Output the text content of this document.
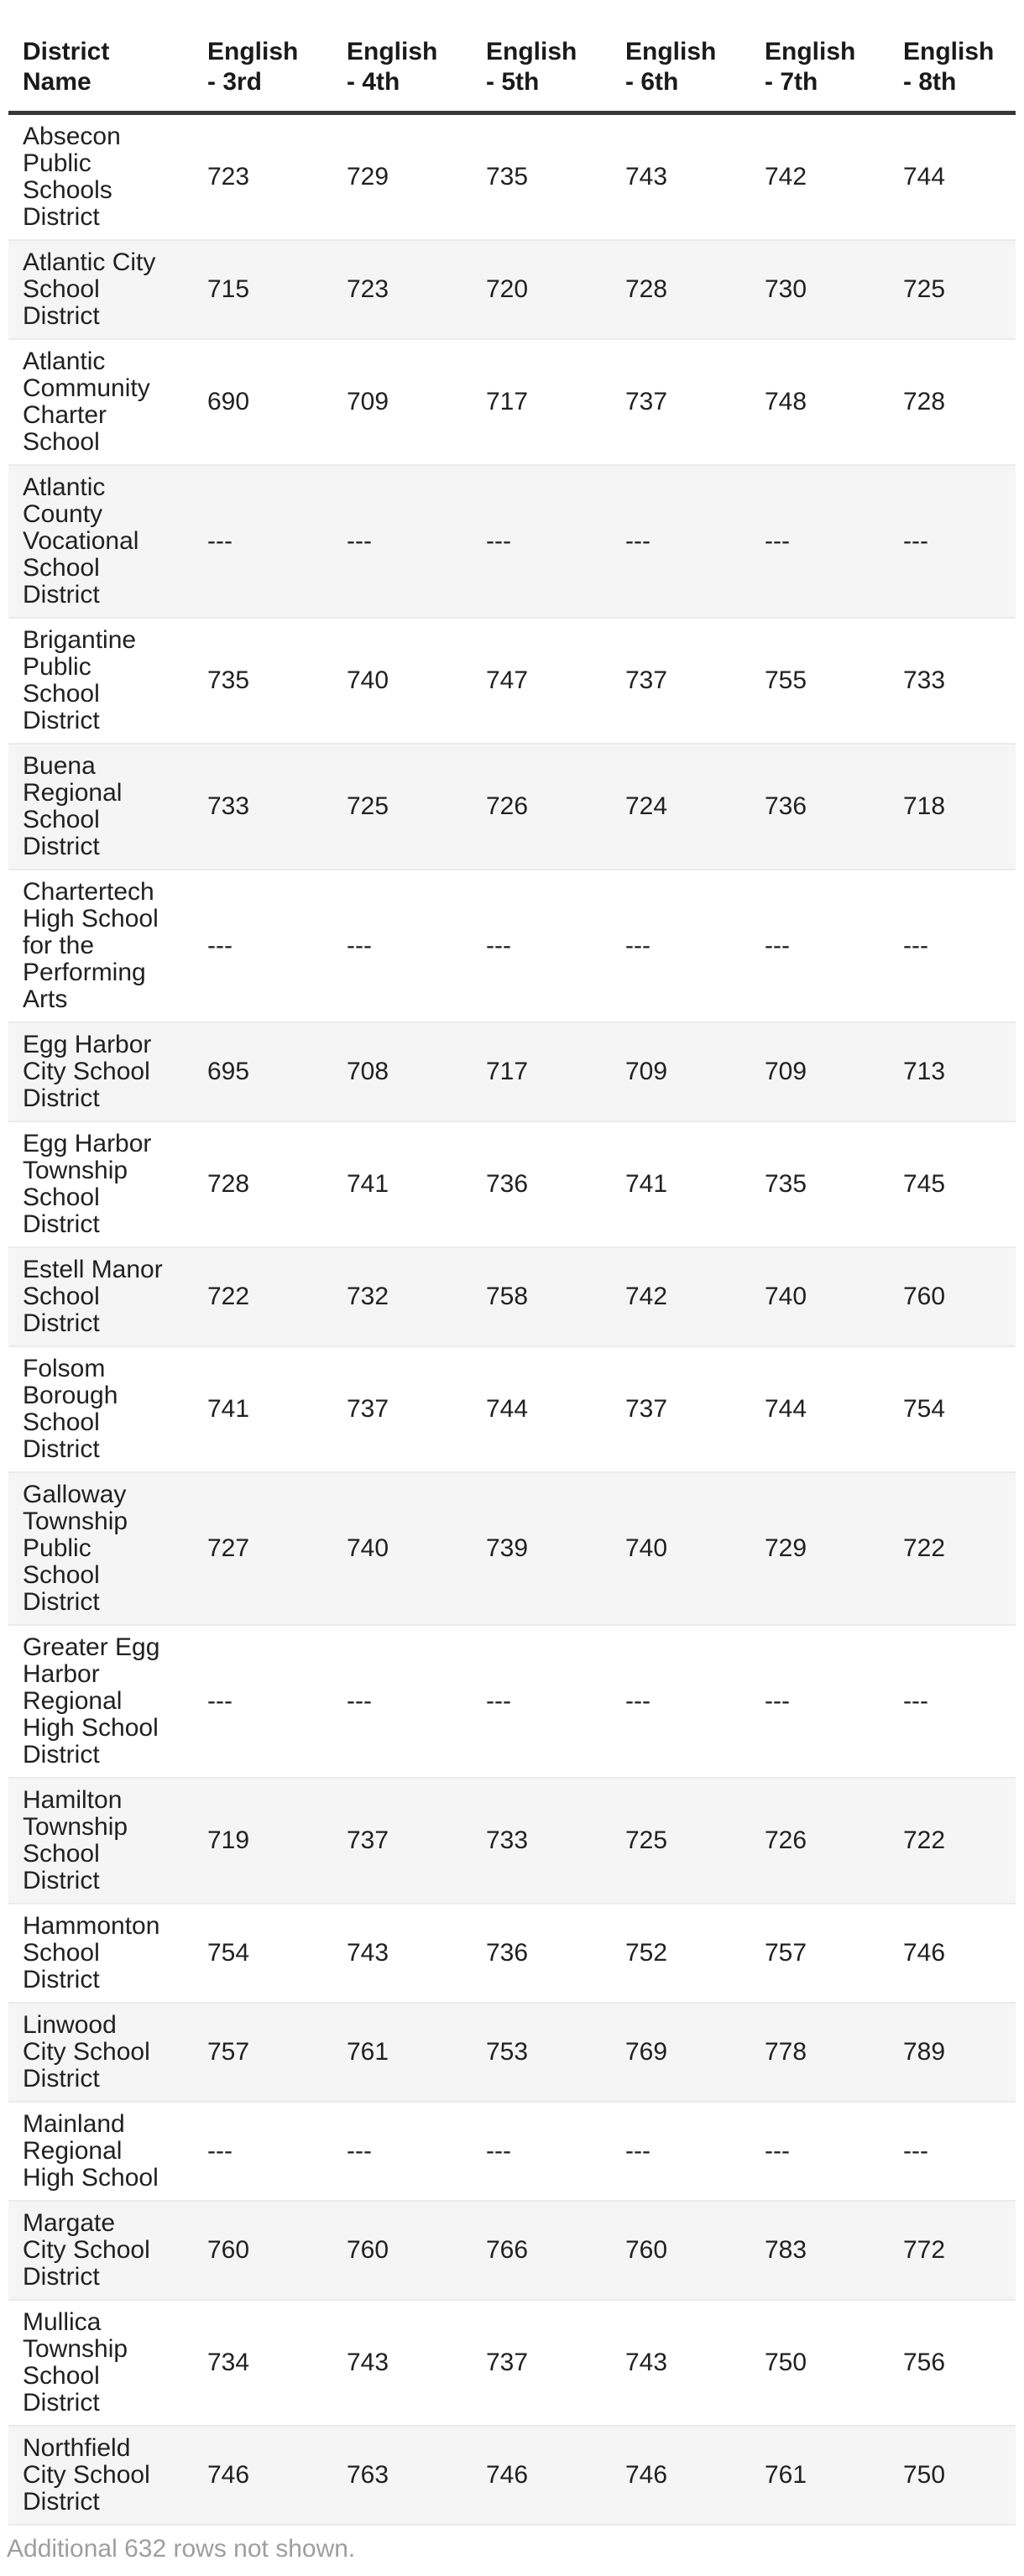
District Name	English - 3rd	English - 4th	English - 5th	English - 6th	English - 7th	English - 8th
Absecon Public Schools District	723	729	735	743	742	744
Atlantic City School District	715	723	720	728	730	725
Atlantic Community Charter School	690	709	717	737	748	728
Atlantic County Vocational School District	---	---	---	---	---	---
Brigantine Public School District	735	740	747	737	755	733
Buena Regional School District	733	725	726	724	736	718
Chartertech High School for the Performing Arts	---	---	---	---	---	---
Egg Harbor City School District	695	708	717	709	709	713
Egg Harbor Township School District	728	741	736	741	735	745
Estell Manor School District	722	732	758	742	740	760
Folsom Borough School District	741	737	744	737	744	754
Galloway Township Public School District	727	740	739	740	729	722
Greater Egg Harbor Regional High School District	---	---	---	---	---	---
Hamilton Township School District	719	737	733	725	726	722
Hammonton School District	754	743	736	752	757	746
Linwood City School District	757	761	753	769	778	789
Mainland Regional High School	---	---	---	---	---	---
Margate City School District	760	760	766	760	783	772
Mullica Township School District	734	743	737	743	750	756
Northfield City School District	746	763	746	746	761	750
Additional 632 rows not shown.
